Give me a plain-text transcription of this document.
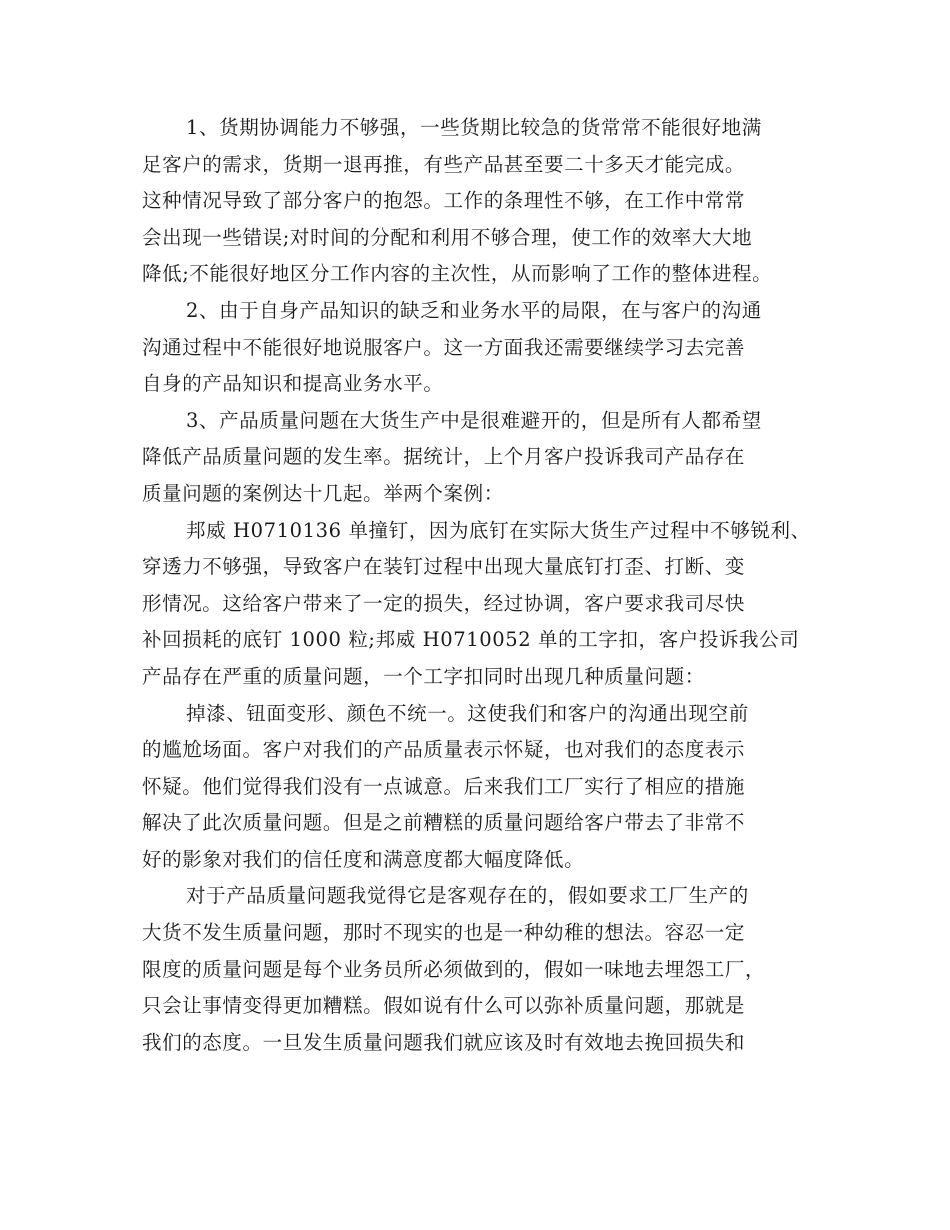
1、货期协调能力不够强，一些货期比较急的货常常不能很好地满
足客户的需求，货期一退再推，有些产品甚至要二十多天才能完成。
这种情况导致了部分客户的抱怨。工作的条理性不够，在工作中常常
会出现一些错误;对时间的分配和利用不够合理，使工作的效率大大地
降低;不能很好地区分工作内容的主次性，从而影响了工作的整体进程。
2、由于自身产品知识的缺乏和业务水平的局限，在与客户的沟通
沟通过程中不能很好地说服客户。这一方面我还需要继续学习去完善
自身的产品知识和提高业务水平。
3、产品质量问题在大货生产中是很难避开的，但是所有人都希望
降低产品质量问题的发生率。据统计，上个月客户投诉我司产品存在
质量问题的案例达十几起。举两个案例：
邦威 H0710136 单撞钉，因为底钉在实际大货生产过程中不够锐利、
穿透力不够强，导致客户在装钉过程中出现大量底钉打歪、打断、变
形情况。这给客户带来了一定的损失，经过协调，客户要求我司尽快
补回损耗的底钉 1000 粒;邦威 H0710052 单的工字扣，客户投诉我公司
产品存在严重的质量问题，一个工字扣同时出现几种质量问题：
掉漆、钮面变形、颜色不统一。这使我们和客户的沟通出现空前
的尴尬场面。客户对我们的产品质量表示怀疑，也对我们的态度表示
怀疑。他们觉得我们没有一点诚意。后来我们工厂实行了相应的措施
解决了此次质量问题。但是之前糟糕的质量问题给客户带去了非常不
好的影象对我们的信任度和满意度都大幅度降低。
对于产品质量问题我觉得它是客观存在的，假如要求工厂生产的
大货不发生质量问题，那时不现实的也是一种幼稚的想法。容忍一定
限度的质量问题是每个业务员所必须做到的，假如一味地去埋怨工厂，
只会让事情变得更加糟糕。假如说有什么可以弥补质量问题，那就是
我们的态度。一旦发生质量问题我们就应该及时有效地去挽回损失和
